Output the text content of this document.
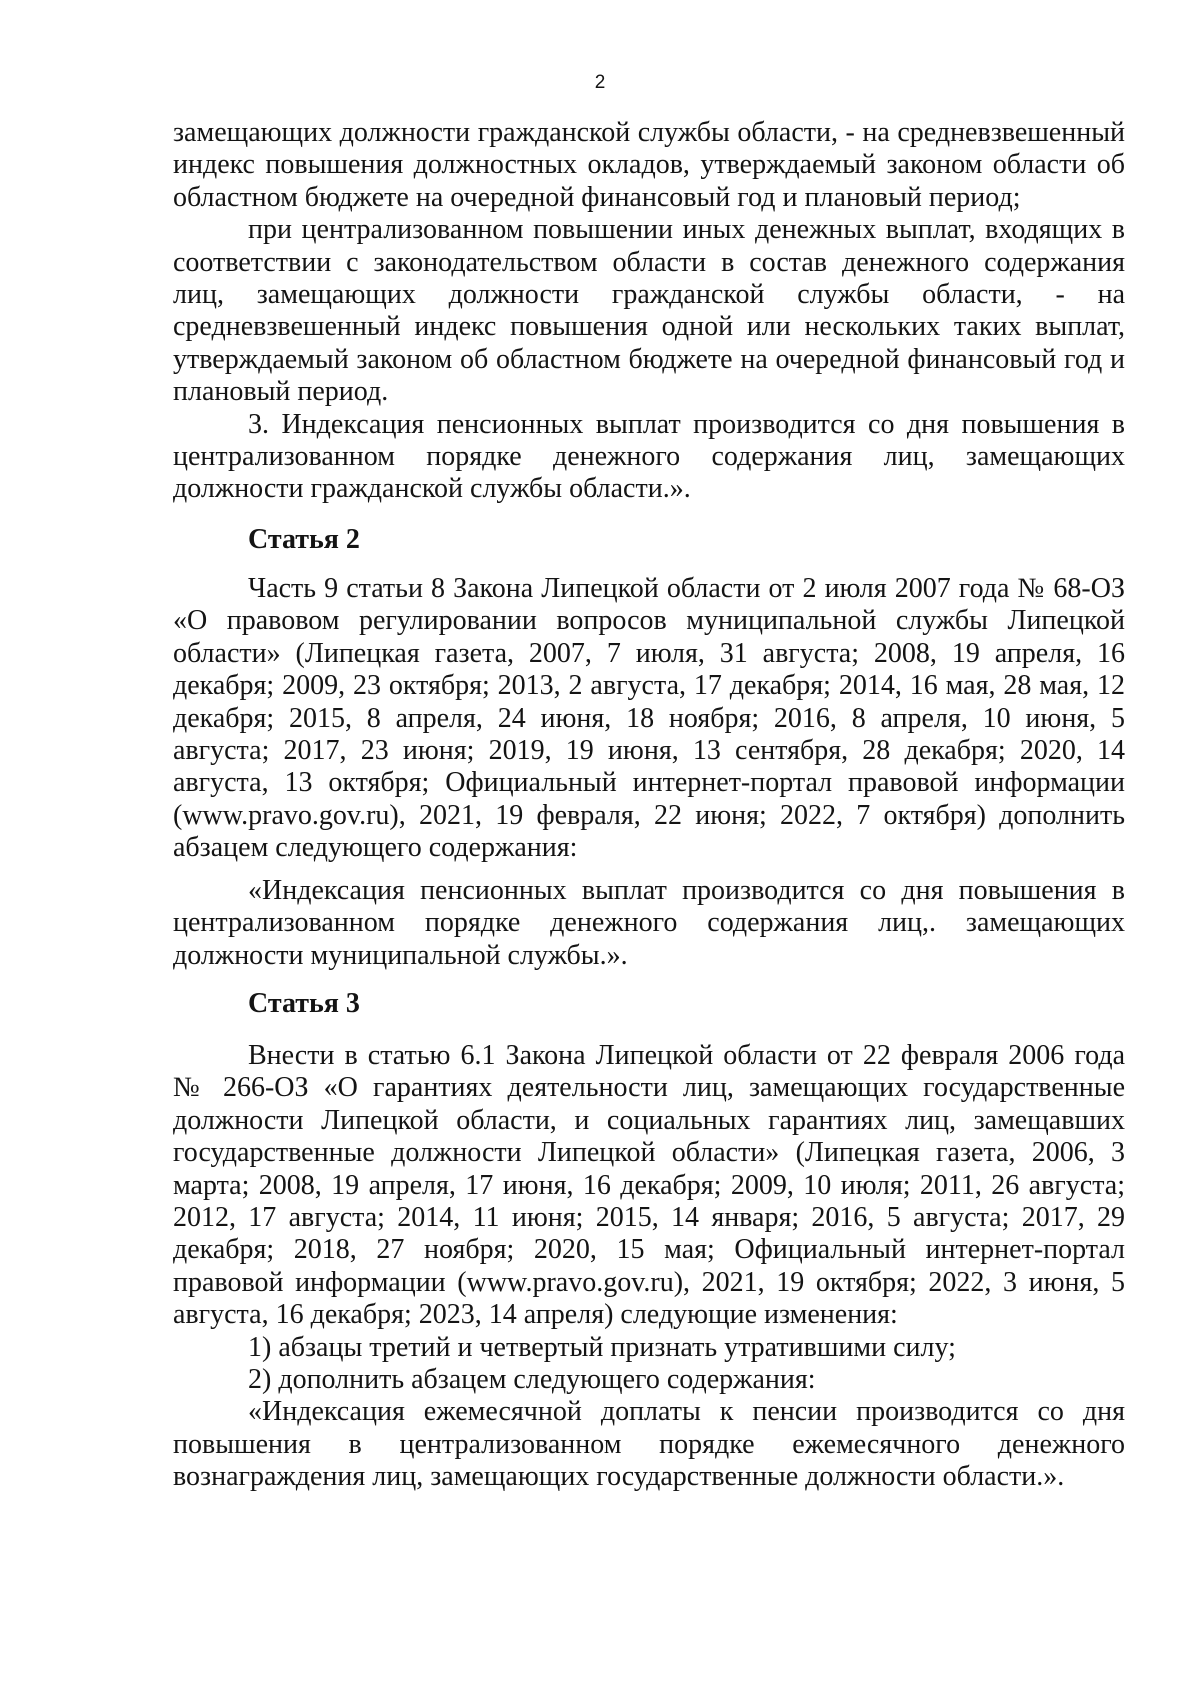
2

замещающих должности гражданской службы области, - на средневзвешенный индекс повышения должностных окладов, утверждаемый законом области об областном бюджете на очередной финансовый год и плановый период;

при централизованном повышении иных денежных выплат, входящих в соответствии с законодательством области в состав денежного содержания лиц, замещающих должности гражданской службы области, - на средневзвешенный индекс повышения одной или нескольких таких выплат, утверждаемый законом об областном бюджете на очередной финансовый год и плановый период.

3. Индексация пенсионных выплат производится со дня повышения в централизованном порядке денежного содержания лиц, замещающих должности гражданской службы области.».

Статья 2

Часть 9 статьи 8 Закона Липецкой области от 2 июля 2007 года № 68-ОЗ «О правовом регулировании вопросов муниципальной службы Липецкой области» (Липецкая газета, 2007, 7 июля, 31 августа; 2008, 19 апреля, 16 декабря; 2009, 23 октября; 2013, 2 августа, 17 декабря; 2014, 16 мая, 28 мая, 12 декабря; 2015, 8 апреля, 24 июня, 18 ноября; 2016, 8 апреля, 10 июня, 5 августа; 2017, 23 июня; 2019, 19 июня, 13 сентября, 28 декабря; 2020, 14 августа, 13 октября; Официальный интернет-портал правовой информации (www.pravo.gov.ru), 2021, 19 февраля, 22 июня; 2022, 7 октября) дополнить абзацем следующего содержания:

«Индексация пенсионных выплат производится со дня повышения в централизованном порядке денежного содержания лиц,. замещающих должности муниципальной службы.».

Статья 3

Внести в статью 6.1 Закона Липецкой области от 22 февраля 2006 года № 266-ОЗ «О гарантиях деятельности лиц, замещающих государственные должности Липецкой области, и социальных гарантиях лиц, замещавших государственные должности Липецкой области» (Липецкая газета, 2006, 3 марта; 2008, 19 апреля, 17 июня, 16 декабря; 2009, 10 июля; 2011, 26 августа; 2012, 17 августа; 2014, 11 июня; 2015, 14 января; 2016, 5 августа; 2017, 29 декабря; 2018, 27 ноября; 2020, 15 мая; Официальный интернет-портал правовой информации (www.pravo.gov.ru), 2021, 19 октября; 2022, 3 июня, 5 августа, 16 декабря; 2023, 14 апреля) следующие изменения:

1) абзацы третий и четвертый признать утратившими силу;

2) дополнить абзацем следующего содержания:

«Индексация ежемесячной доплаты к пенсии производится со дня повышения в централизованном порядке ежемесячного денежного вознаграждения лиц, замещающих государственные должности области.».
